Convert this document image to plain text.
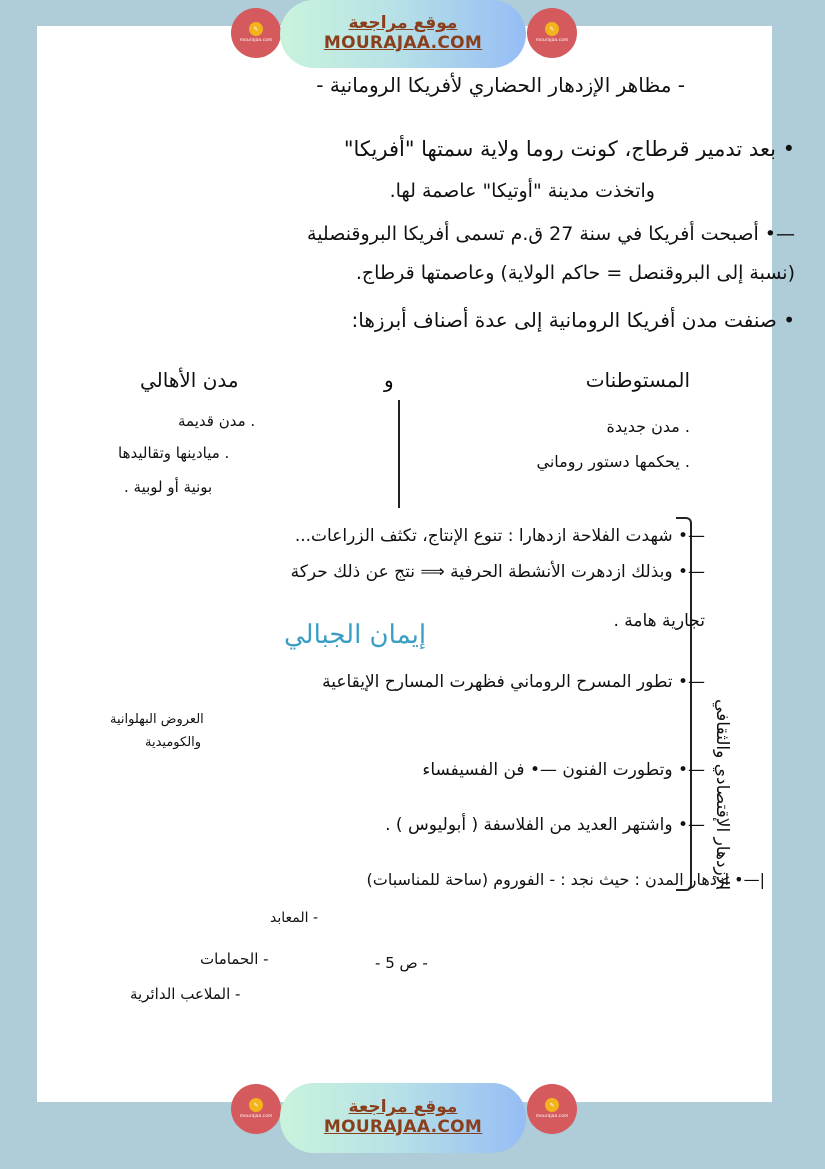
✎
mourajaa.com
موقع مراجعة
MOURAJAA.COM
✎
mourajaa.com
- مظاهر الإزدهار الحضاري لأفريكا الرومانية -
• بعد تدمير قرطاج، كونت روما ولاية سمتها "أفريكا"
واتخذت مدينة "أوتيكا" عاصمة لها.
—• أصبحت أفريكا في سنة 27 ق.م تسمى أفريكا البروقنصلية
(نسبة إلى البروقنصل = حاكم الولاية) وعاصمتها قرطاج.
• صنفت مدن أفريكا الرومانية إلى عدة أصناف أبرزها:
مدن الأهالي	و	المستوطنات
. مدن قديمة
. ميادينها وتقاليدها
بونية أو لوبية .
. مدن جديدة
. يحكمها دستور روماني
الإزدهار الإقتصادي والثقافي
—• شهدت الفلاحة ازدهارا : تنوع الإنتاج، تكثف الزراعات...
—• وبذلك ازدهرت الأنشطة الحرفية ⟹ نتج عن ذلك حركة
تجارية هامة .
إيمان الجبالي
—• تطور المسرح الروماني فظهرت المسارح الإيقاعية
العروض البهلوانية
والكوميدية
—• وتطورت الفنون —• فن الفسيفساء
—• واشتهر العديد من الفلاسفة ( أبوليوس ) .
|—• ازدهار المدن : حيث نجد : - الفوروم (ساحة للمناسبات)
- المعابد
- الحمامات
- الملاعب الدائرية
- ص 5 -
✎
mourajaa.com	موقع مراجعة
MOURAJAA.COM
✎
mourajaa.com
